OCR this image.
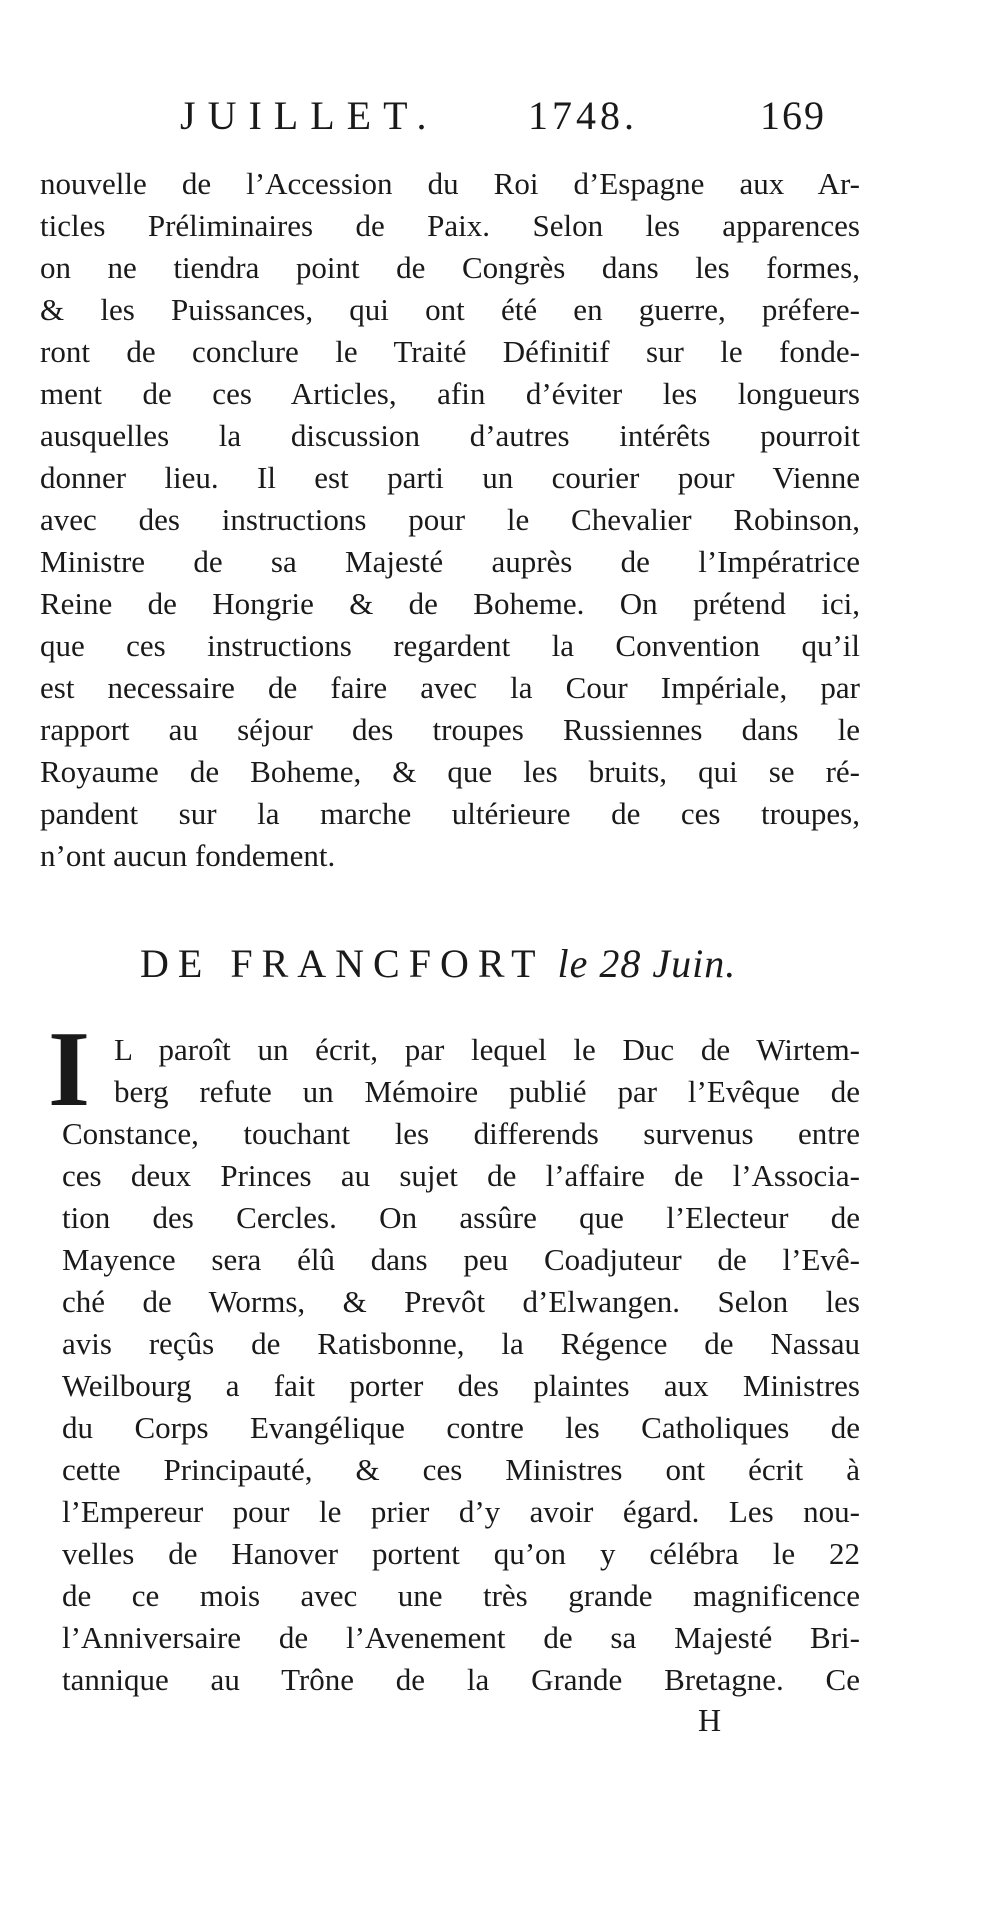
JUILLET. 1748.	169
nouvelle de l’Accession du Roi d’Espagne aux Ar-
ticles Préliminaires de Paix. Selon les apparences
on ne tiendra point de Congrès dans les formes,
& les Puissances, qui ont été en guerre, préfere-
ront de conclure le Traité Définitif sur le fonde-
ment de ces Articles, afin d’éviter les longueurs
ausquelles la discussion d’autres intérêts pourroit
donner lieu. Il est parti un courier pour Vienne
avec des instructions pour le Chevalier Robinson,
Ministre de sa Majesté auprès de l’Impératrice
Reine de Hongrie & de Boheme. On prétend ici,
que ces instructions regardent la Convention qu’il
est necessaire de faire avec la Cour Impériale, par
rapport au séjour des troupes Russiennes dans le
Royaume de Boheme, & que les bruits, qui se ré-
pandent sur la marche ultérieure de ces troupes,
n’ont aucun fondement.
DE FRANCFORT le 28 Juin.
I L paroît un écrit, par lequel le Duc de Wirtem-
berg refute un Mémoire publié par l’Evêque de
Constance, touchant les differends survenus entre
ces deux Princes au sujet de l’affaire de l’Associa-
tion des Cercles. On assûre que l’Electeur de
Mayence sera élû dans peu Coadjuteur de l’Evê-
ché de Worms, & Prevôt d’Elwangen. Selon les
avis reçûs de Ratisbonne, la Régence de Nassau
Weilbourg a fait porter des plaintes aux Ministres
du Corps Evangélique contre les Catholiques de
cette Principauté, & ces Ministres ont écrit à
l’Empereur pour le prier d’y avoir égard. Les nou-
velles de Hanover portent qu’on y célébra le 22
de ce mois avec une très grande magnificence
l’Anniversaire de l’Avenement de sa Majesté Bri-
tannique au Trône de la Grande Bretagne. Ce
H
